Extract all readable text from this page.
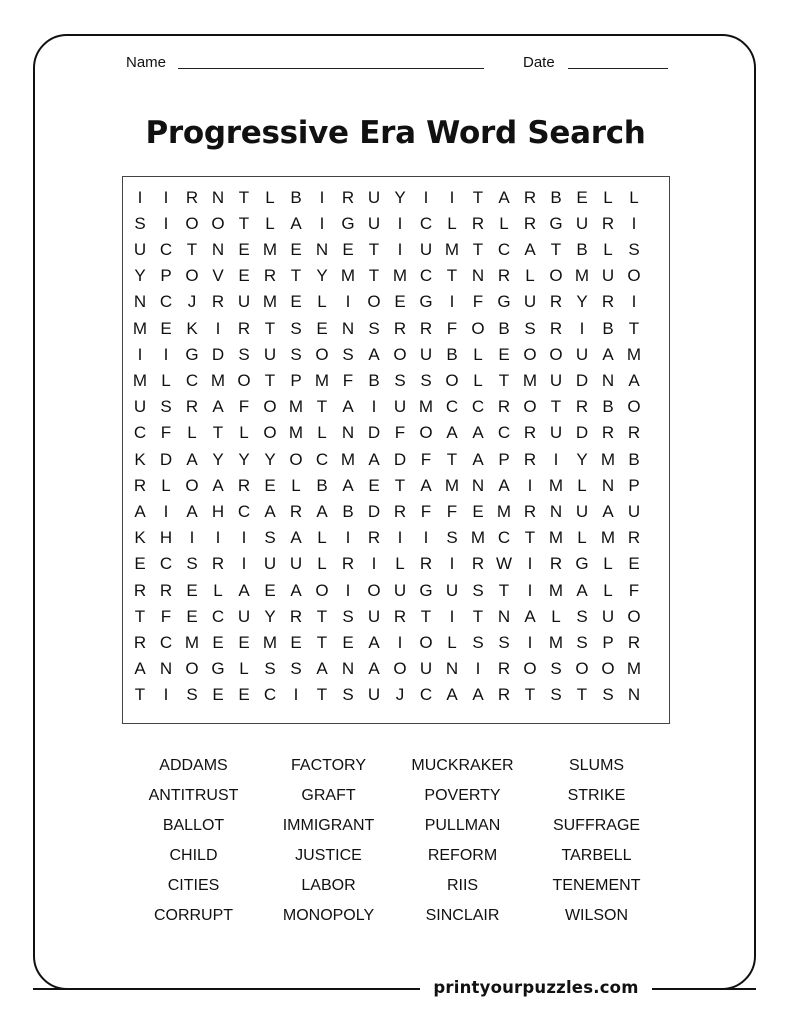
Name	Date
Progressive Era Word Search
I	I	R N T L B	I	R U Y	I	I	T A R B E L L
S	I	O O T L A	I	G U	I	C L R L R G U R	I
U C T N E M E N E T	I	U M T C A T B L S
Y P O V E R T Y M T M C T N R L O M U O
N C J R U M E L	I	O E G	I	F G U R Y R	I
M E K	I	R T S E N S R R F O B S R	I	B T
I	I	G D S U S O S A O U B L E O O U A M
M L C M O T P M F B S S O L T M U D N A
U S R A F O M T A	I	U M C C R O T R B O
C F L T L O M L N D F O A A C R U D R R
K D A Y Y Y O C M A D F T A P R	I	Y M B
R L O A R E L B A E T A M N A	I M L N P
A	I	A H C A R A B D R F F E M R N U A U
K H	I	I	I	S A L	I	R	I	I	S M C T M L M R
E C S R	I	U U L R	I	L R	I	R W I	R G L E
R R E L A E A O	I	O U G U S T	I M A L F
T F E C U Y R T S U R T	I	T N A L S U O
R C M E E M E T E A	I	O L S S	I M S P R
A N O G L S S A N A O U N	I	R O S O O M
T	I	S E E C	I	T S U J C A A R T S T S N
ADDAMS
ANTITRUST
BALLOT
CHILD
CITIES
CORRUPT
FACTORY
GRAFT
IMMIGRANT
JUSTICE
LABOR
MONOPOLY
MUCKRAKER
POVERTY
PULLMAN
REFORM
RIIS
SINCLAIR
SLUMS
STRIKE
SUFFRAGE
TARBELL
TENEMENT
WILSON
printyourpuzzles.com
